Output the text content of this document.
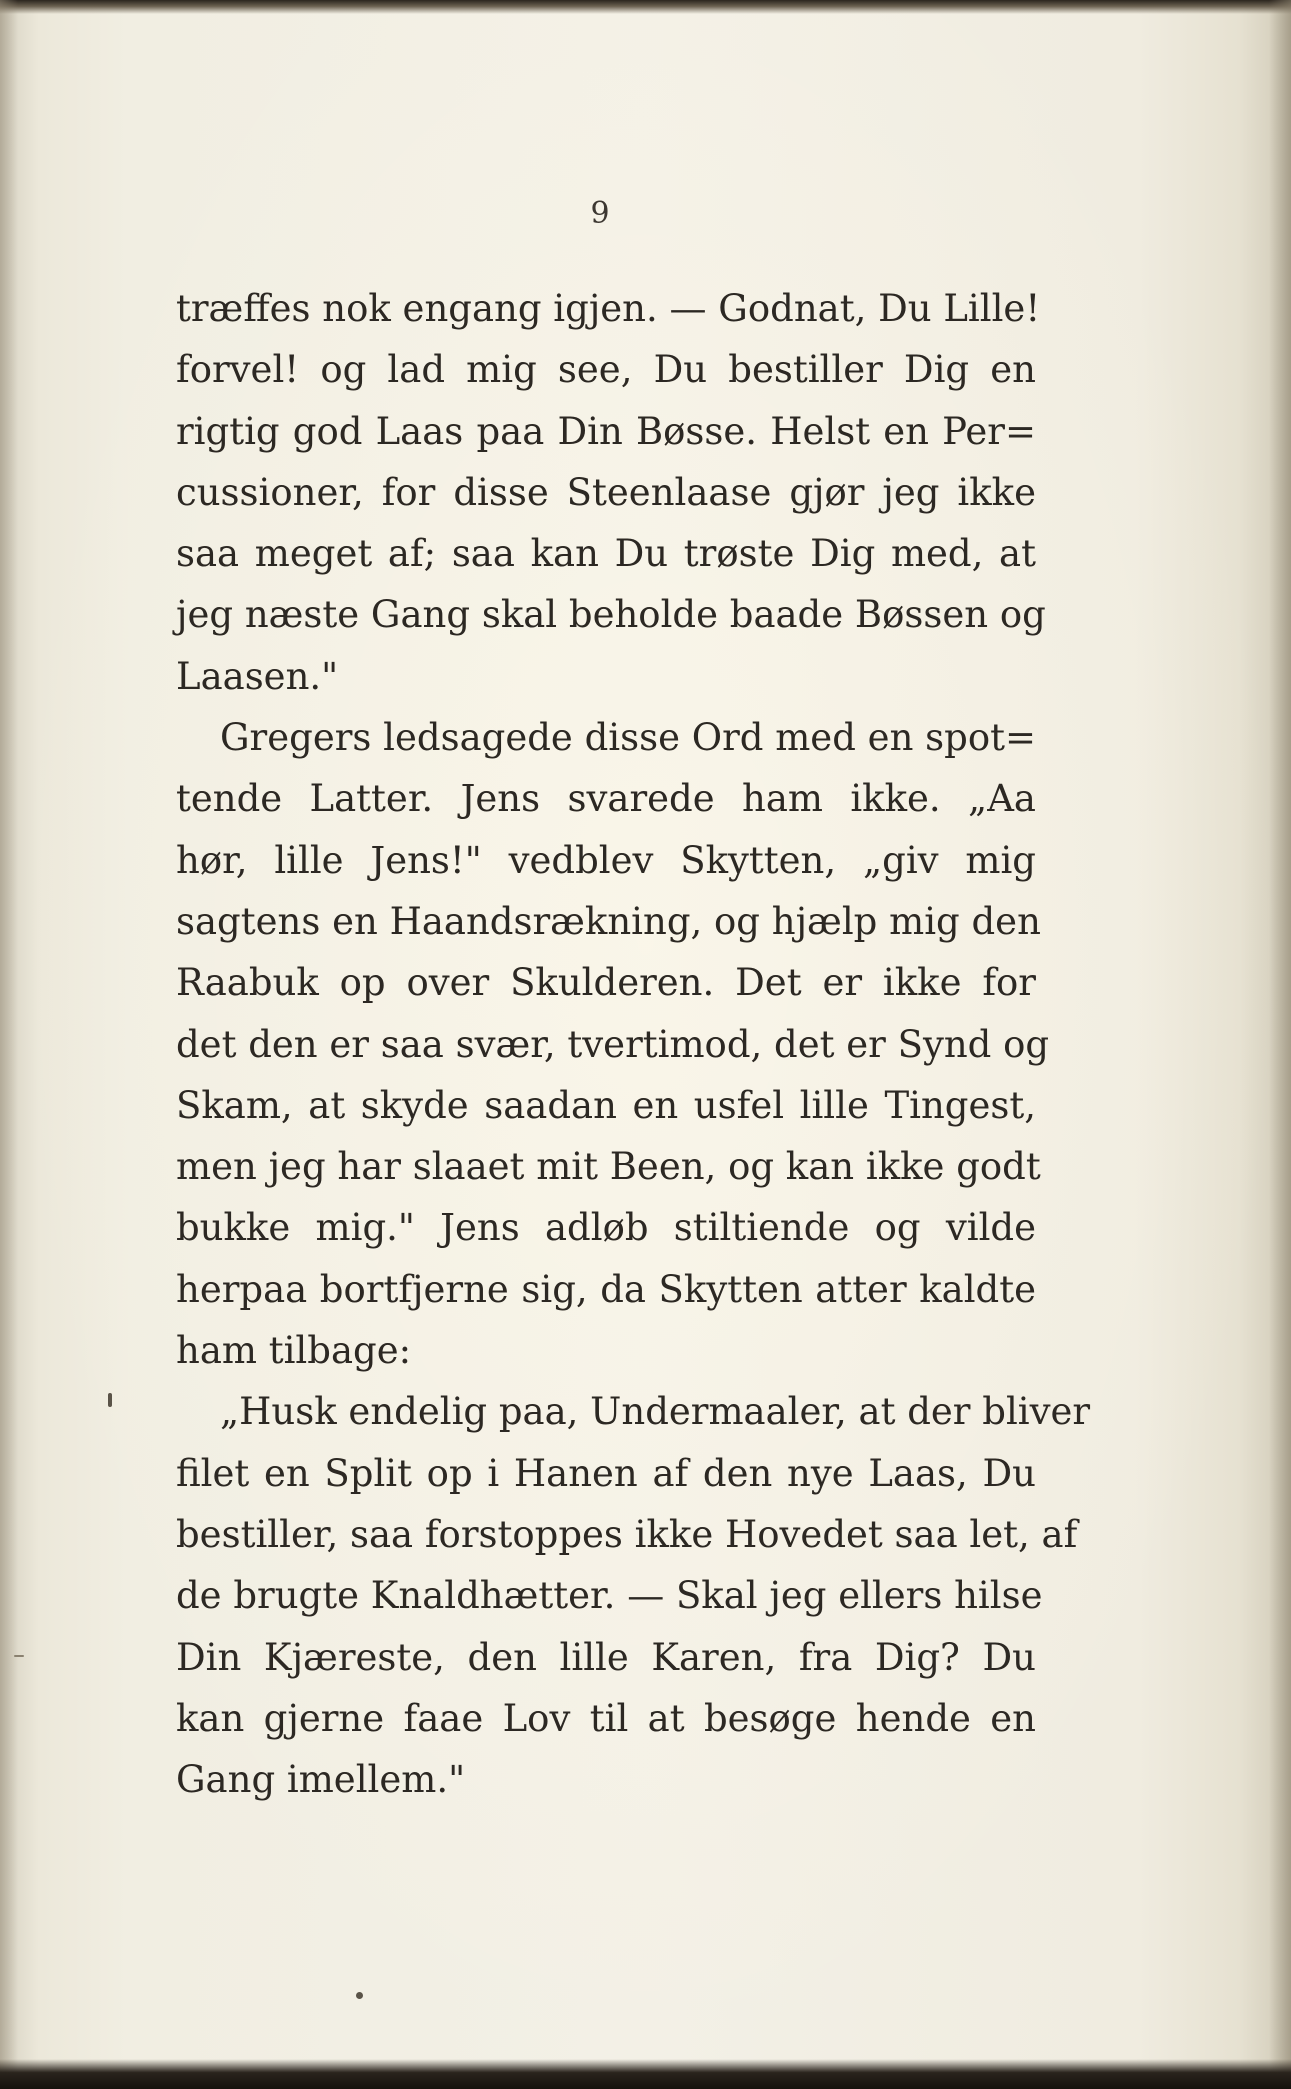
9
træffes nok engang igjen. — Godnat, Du Lille!
forvel! og lad mig see, Du bestiller Dig en
rigtig god Laas paa Din Bøsse. Helst en Per=
cussioner, for disse Steenlaase gjør jeg ikke
saa meget af; saa kan Du trøste Dig med, at
jeg næste Gang skal beholde baade Bøssen og
Laasen."
Gregers ledsagede disse Ord med en spot=
tende Latter. Jens svarede ham ikke. „Aa
hør, lille Jens!" vedblev Skytten, „giv mig
sagtens en Haandsrækning, og hjælp mig den
Raabuk op over Skulderen. Det er ikke for
det den er saa svær, tvertimod, det er Synd og
Skam, at skyde saadan en usfel lille Tingest,
men jeg har slaaet mit Been, og kan ikke godt
bukke mig." Jens adløb stiltiende og vilde
herpaa bortfjerne sig, da Skytten atter kaldte
ham tilbage:
„Husk endelig paa, Undermaaler, at der bliver
filet en Split op i Hanen af den nye Laas, Du
bestiller, saa forstoppes ikke Hovedet saa let, af
de brugte Knaldhætter. — Skal jeg ellers hilse
Din Kjæreste, den lille Karen, fra Dig? Du
kan gjerne faae Lov til at besøge hende en
Gang imellem."
